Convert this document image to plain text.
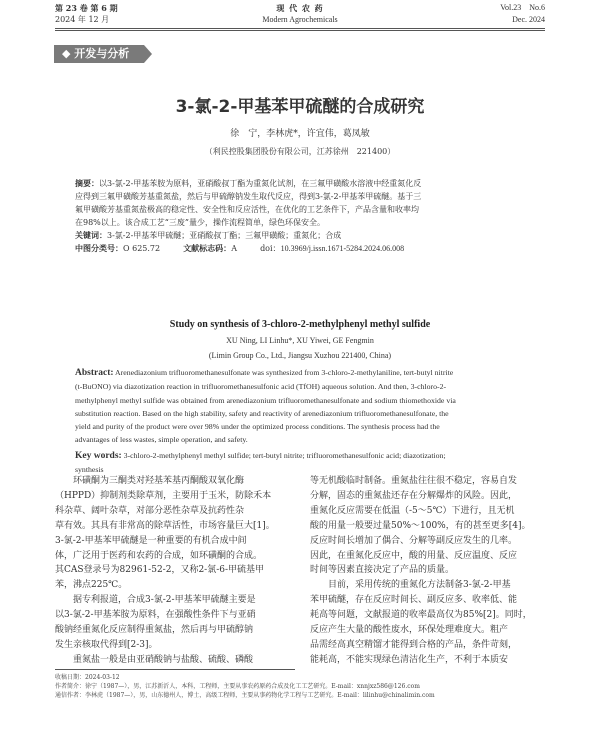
第 23 卷 第 6 期
2024 年 12 月
现 代 农 药
Modern Agrochemicals
Vol.23    No.6
Dec. 2024
◆ 开发与分析
3-氯-2-甲基苯甲硫醚的合成研究
徐　宁，李林虎*，许宜伟，葛凤敏
（利民控股集团股份有限公司，江苏徐州　221400）
摘要：以3-氯-2-甲基苯胺为原料，亚硝酸叔丁酯为重氮化试剂，在三氟甲磺酸水溶液中经重氮化反
应得到三氟甲磺酸芳基重氮盐，然后与甲硫醇钠发生取代反应，得到3-氯-2-甲基苯甲硫醚。基于三
氟甲磺酸芳基重氮盐极高的稳定性、安全性和反应活性，在优化的工艺条件下，产品含量和收率均
在98%以上。该合成工艺“三废”量少，操作流程简单，绿色环保安全。
关键词：3-氯-2-甲基苯甲硫醚；亚硝酸叔丁酯；三氟甲磺酸；重氮化；合成
中图分类号：O 625.72	文献标志码：A	doi：10.3969/j.issn.1671-5284.2024.06.008
Study on synthesis of 3-chloro-2-methylphenyl methyl sulfide
XU Ning, LI Linhu*, XU Yiwei, GE Fengmin
(Limin Group Co., Ltd., Jiangsu Xuzhou 221400, China)
Abstract: Arenediazonium trifluoromethanesulfonate was synthesized from 3-chloro-2-methylaniline, tert-butyl nitrite
(t-BuONO) via diazotization reaction in trifluoromethanesulfonic acid (TfOH) aqueous solution. And then, 3-chloro-2-
methylphenyl methyl sulfide was obtained from arenediazonium trifluoromethanesulfonate and sodium thiomethoxide via
substitution reaction. Based on the high stability, safety and reactivity of arenediazonium trifluoromethanesulfonate, the
yield and purity of the product were over 98% under the optimized process conditions. The synthesis process had the
advantages of less wastes, simple operation, and safety.
Key words: 3-chloro-2-methylphenyl methyl sulfide; tert-butyl nitrite; trifluoromethanesulfonic acid; diazotization;
synthesis
环磺酮为三酮类对羟基苯基丙酮酸双氧化酶
（HPPD）抑制剂类除草剂，主要用于玉米，防除禾本
科杂草、阔叶杂草，对部分恶性杂草及抗药性杂
草有效。其具有非常高的除草活性，市场容量巨大[1]。
3-氯-2-甲基苯甲硫醚是一种重要的有机合成中间
体，广泛用于医药和农药的合成，如环磺酮的合成。
其CAS登录号为82961-52-2，又称2-氯-6-甲硫基甲
苯，沸点225℃。
据专利报道，合成3-氯-2-甲基苯甲硫醚主要是
以3-氯-2-甲基苯胺为原料，在强酸性条件下与亚硝
酸钠经重氮化反应制得重氮盐，然后再与甲硫醇钠
发生亲核取代得到[2-3]。
重氮盐一般是由亚硝酸钠与盐酸、硫酸、磷酸
等无机酸临时制备。重氮盐往往很不稳定，容易自发
分解，固态的重氮盐还存在分解爆炸的风险。因此，
重氮化反应需要在低温（-5～5℃）下进行，且无机
酸的用量一般要过量50%～100%，有的甚至更多[4]。
反应时间长增加了偶合、分解等副反应发生的几率。
因此，在重氮化反应中，酸的用量、反应温度、反应
时间等因素直接决定了产品的质量。
目前，采用传统的重氮化方法制备3-氯-2-甲基
苯甲硫醚，存在反应时间长、副反应多、收率低、能
耗高等问题，文献报道的收率最高仅为85%[2]。同时，
反应产生大量的酸性废水，环保处理难度大。粗产
品需经高真空精馏才能得到合格的产品，条件苛刻，
能耗高，不能实现绿色清洁化生产，不利于本质安
收稿日期：2024-03-12
作者简介：徐宁（1987—），男，江苏新沂人，本科，工程师，主要从事农药原药合成及化工工艺研究。E-mail：xnnjxz586@126.com
通信作者：李林虎（1987—），男，山东德州人，博士，高级工程师，主要从事药物化学工程与工艺研究。E-mail：lilinhu@chinalimin.com
